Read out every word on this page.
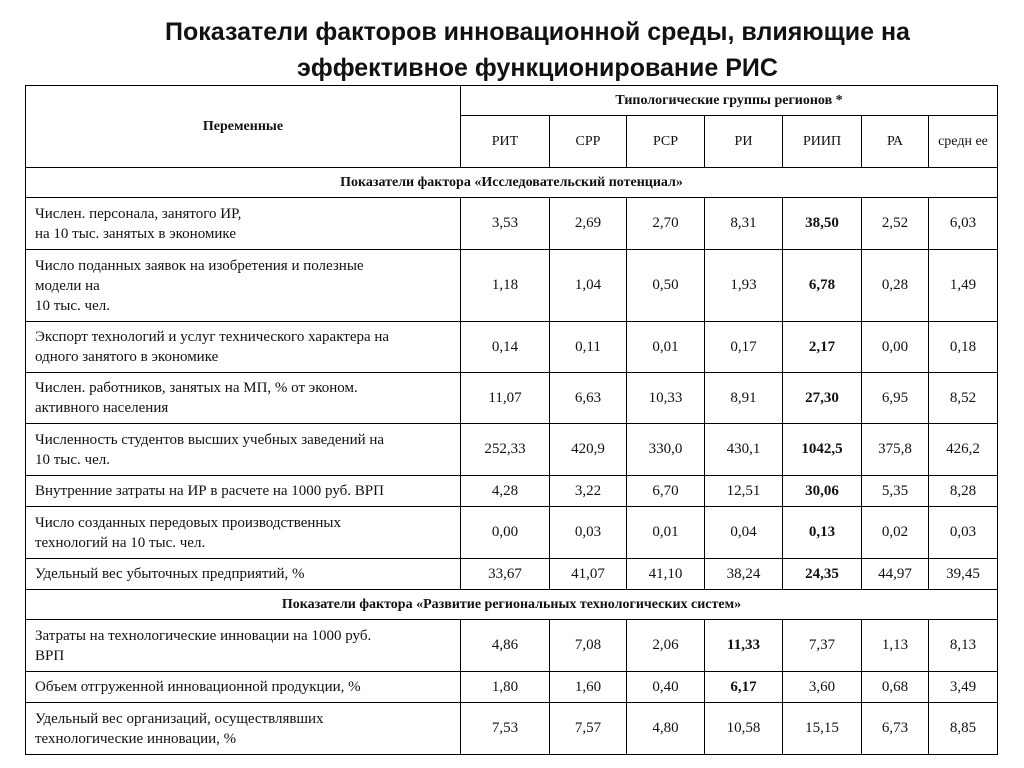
Показатели факторов инновационной среды, влияющие на
эффективное функционирование РИС
Переменные	Типологические группы регионов *						
	РИТ	СРР	РСР	РИ	РИИП	РА	средн ее
Показатели фактора «Исследовательский потенциал»							

Числен. персонала, занятого ИР,
на 10 тыс. занятых в экономике	3,53	2,69	2,70	8,31	38,50	2,52	6,03

Число поданных заявок на изобретения и полезные
модели на
10 тыс. чел.	1,18	1,04	0,50	1,93	6,78	0,28	1,49

Экспорт технологий и услуг технического характера на
одного занятого в экономике	0,14	0,11	0,01	0,17	2,17	0,00	0,18

Числен. работников, занятых на МП, % от эконом.
активного населения	11,07	6,63	10,33	8,91	27,30	6,95	8,52

Численность студентов высших учебных заведений на
10 тыс. чел.	252,33	420,9	330,0	430,1	1042,5	375,8	426,2

Внутренние затраты на ИР в расчете на 1000 руб. ВРП	4,28	3,22	6,70	12,51	30,06	5,35	8,28

Число созданных передовых производственных
технологий на 10 тыс. чел.	0,00	0,03	0,01	0,04	0,13	0,02	0,03

Удельный вес убыточных предприятий, %	33,67	41,07	41,10	38,24	24,35	44,97	39,45
Показатели фактора «Развитие региональных технологических систем»							

Затраты на технологические инновации на 1000 руб.
ВРП	4,86	7,08	2,06	11,33	7,37	1,13	8,13

Объем отгруженной инновационной продукции, %	1,80	1,60	0,40	6,17	3,60	0,68	3,49

Удельный вес организаций, осуществлявших
технологические инновации, %	7,53	7,57	4,80	10,58	15,15	6,73	8,85
